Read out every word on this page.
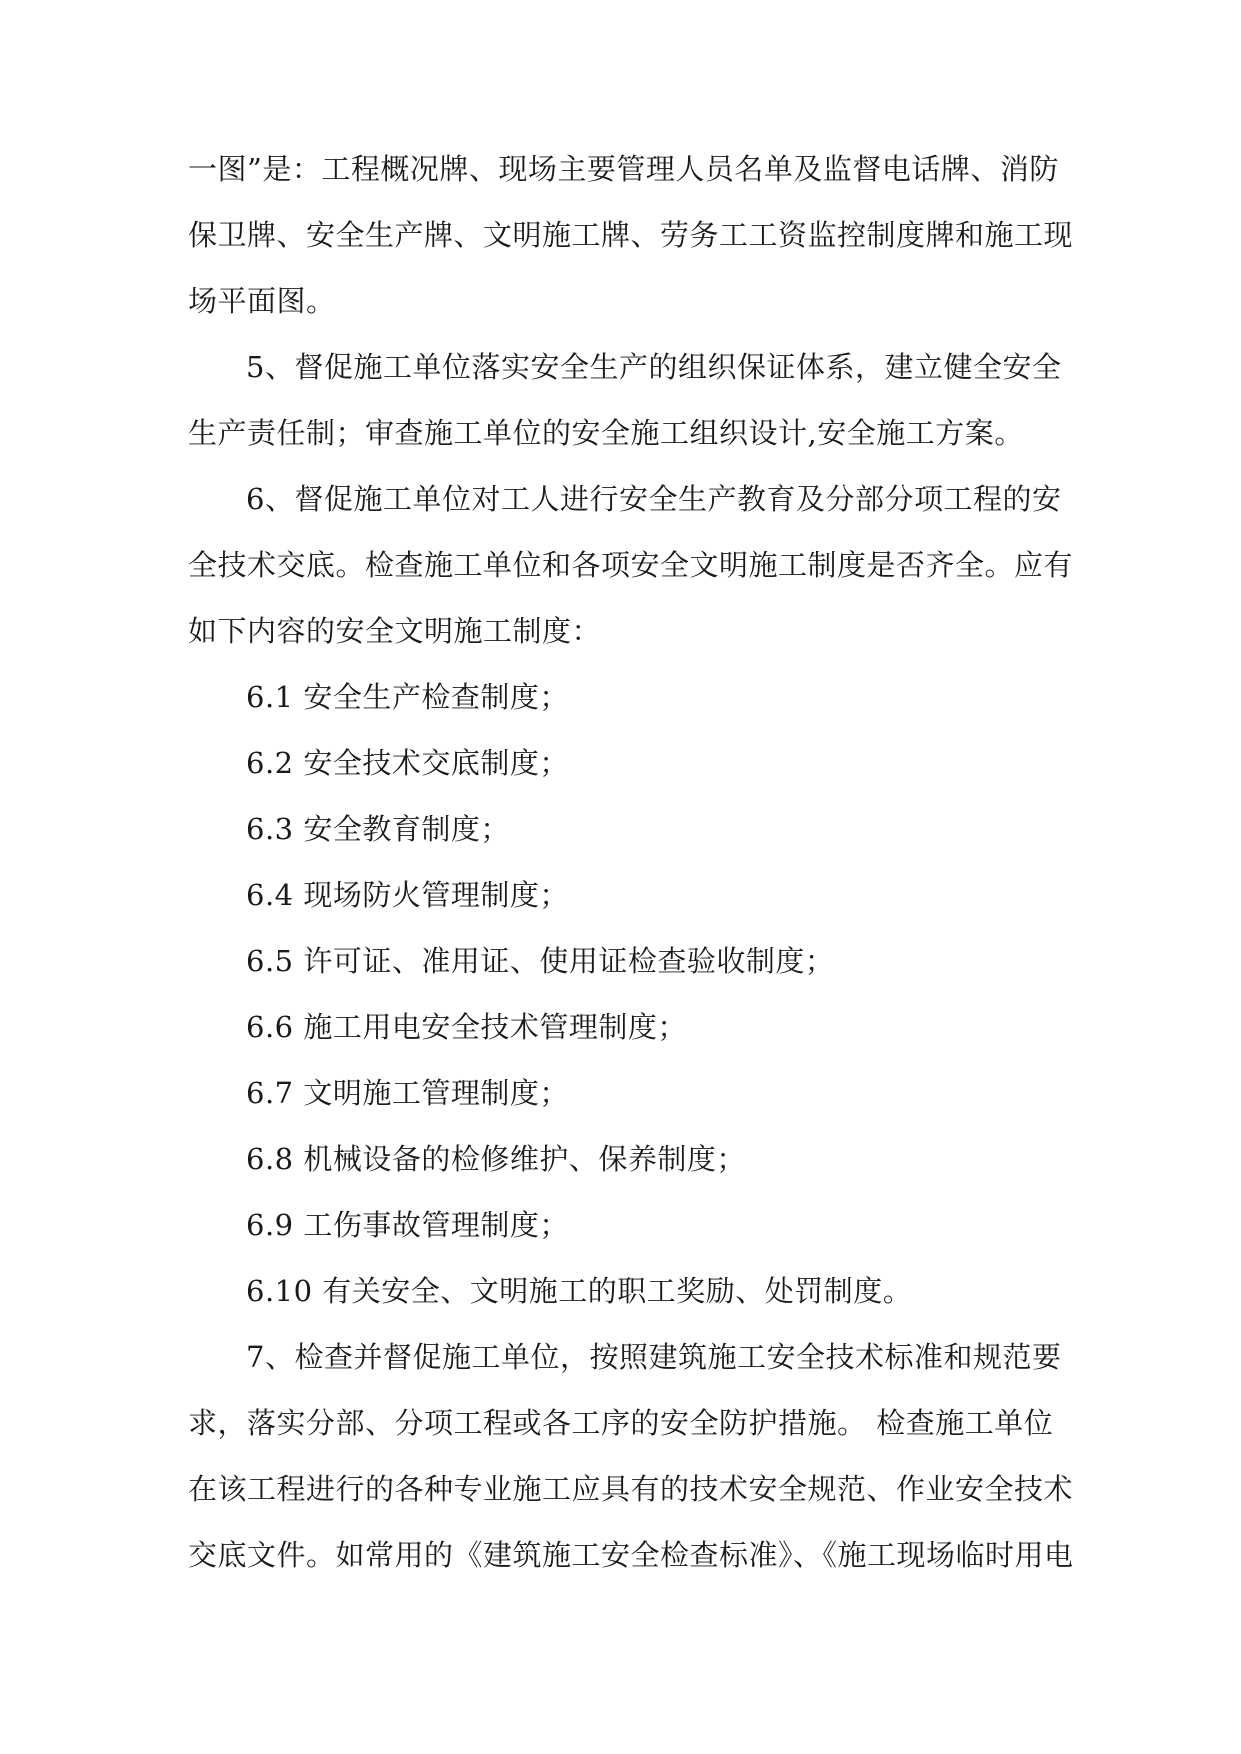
一图”是：工程概况牌、现场主要管理人员名单及监督电话牌、消防
保卫牌、安全生产牌、文明施工牌、劳务工工资监控制度牌和施工现
场平面图。
5、督促施工单位落实安全生产的组织保证体系，建立健全安全
生产责任制；审查施工单位的安全施工组织设计,安全施工方案。
6、督促施工单位对工人进行安全生产教育及分部分项工程的安
全技术交底。检查施工单位和各项安全文明施工制度是否齐全。应有
如下内容的安全文明施工制度：
6.1 安全生产检查制度；
6.2 安全技术交底制度；
6.3 安全教育制度；
6.4 现场防火管理制度；
6.5 许可证、准用证、使用证检查验收制度；
6.6 施工用电安全技术管理制度；
6.7 文明施工管理制度；
6.8 机械设备的检修维护、保养制度；
6.9 工伤事故管理制度；
6.10 有关安全、文明施工的职工奖励、处罚制度。
7、检查并督促施工单位，按照建筑施工安全技术标准和规范要
求，落实分部、分项工程或各工序的安全防护措施。 检查施工单位
在该工程进行的各种专业施工应具有的技术安全规范、作业安全技术
交底文件。如常用的《建筑施工安全检查标准》、《施工现场临时用电
